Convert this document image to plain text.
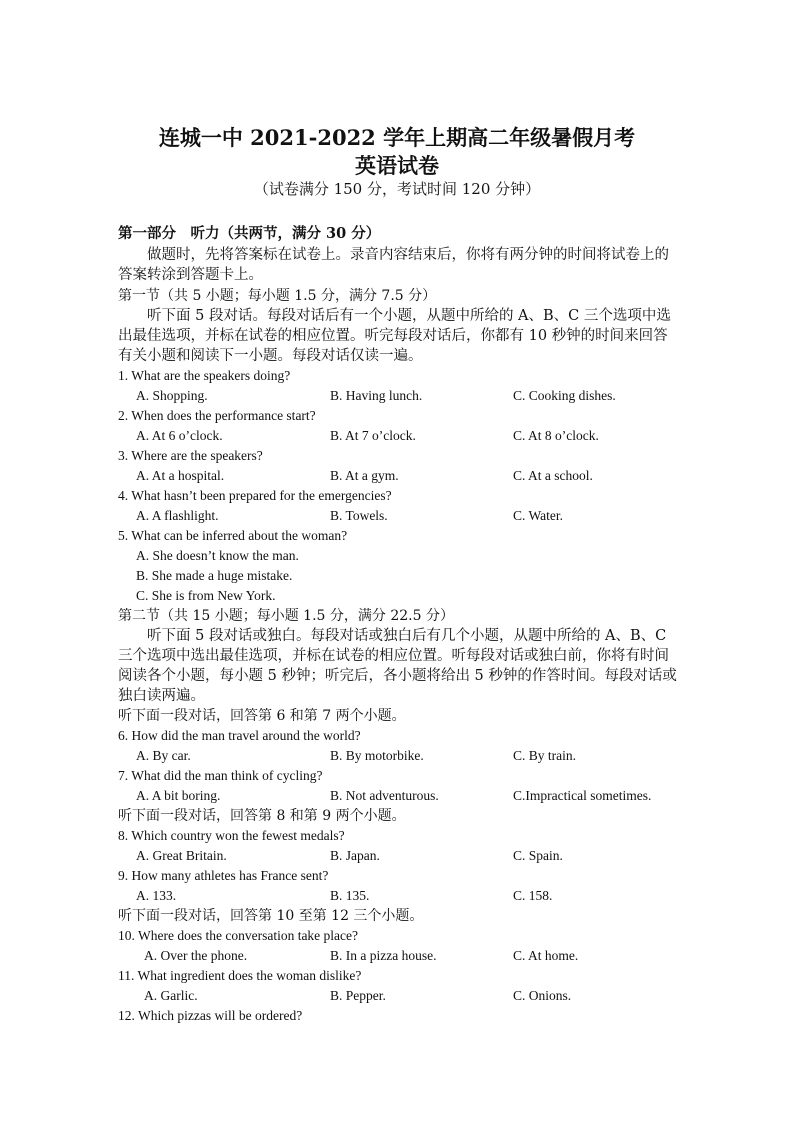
连城一中 2021-2022 学年上期高二年级暑假月考
英语试卷
（试卷满分 150 分，考试时间 120 分钟）
第一部分　听力（共两节，满分 30 分）
做题时，先将答案标在试卷上。录音内容结束后，你将有两分钟的时间将试卷上的答案转涂到答题卡上。
第一节（共 5 小题；每小题 1.5 分，满分 7.5 分）
听下面 5 段对话。每段对话后有一个小题，从题中所给的 A、B、C 三个选项中选出最佳选项，并标在试卷的相应位置。听完每段对话后，你都有 10 秒钟的时间来回答有关小题和阅读下一小题。每段对话仅读一遍。
1. What are the speakers doing?
A. Shopping.	B. Having lunch.	C. Cooking dishes.
2. When does the performance start?
A. At 6 o’clock.	B. At 7 o’clock.	C. At 8 o’clock.
3. Where are the speakers?
A. At a hospital.	B. At a gym.	C. At a school.
4. What hasn’t been prepared for the emergencies?
A. A flashlight.	B. Towels.	C. Water.
5. What can be inferred about the woman?
A. She doesn’t know the man.
B. She made a huge mistake.
C. She is from New York.
第二节（共 15 小题；每小题 1.5 分，满分 22.5 分）
听下面 5 段对话或独白。每段对话或独白后有几个小题，从题中所给的 A、B、C 三个选项中选出最佳选项，并标在试卷的相应位置。听每段对话或独白前，你将有时间阅读各个小题，每小题 5 秒钟；听完后，各小题将给出 5 秒钟的作答时间。每段对话或独白读两遍。
听下面一段对话，回答第 6 和第 7 两个小题。
6. How did the man travel around the world?
A. By car.	B. By motorbike.	C. By train.
7. What did the man think of cycling?
A. A bit boring.	B. Not adventurous.	C.Impractical sometimes.
听下面一段对话，回答第 8 和第 9 两个小题。
8. Which country won the fewest medals?
A. Great Britain.	B. Japan.	C. Spain.
9. How many athletes has France sent?
A. 133.	B. 135.	C. 158.
听下面一段对话，回答第 10 至第 12 三个小题。
10. Where does the conversation take place?
A. Over the phone.	B. In a pizza house.	C. At home.
11. What ingredient does the woman dislike?
A. Garlic.	B. Pepper.	C. Onions.
12. Which pizzas will be ordered?
